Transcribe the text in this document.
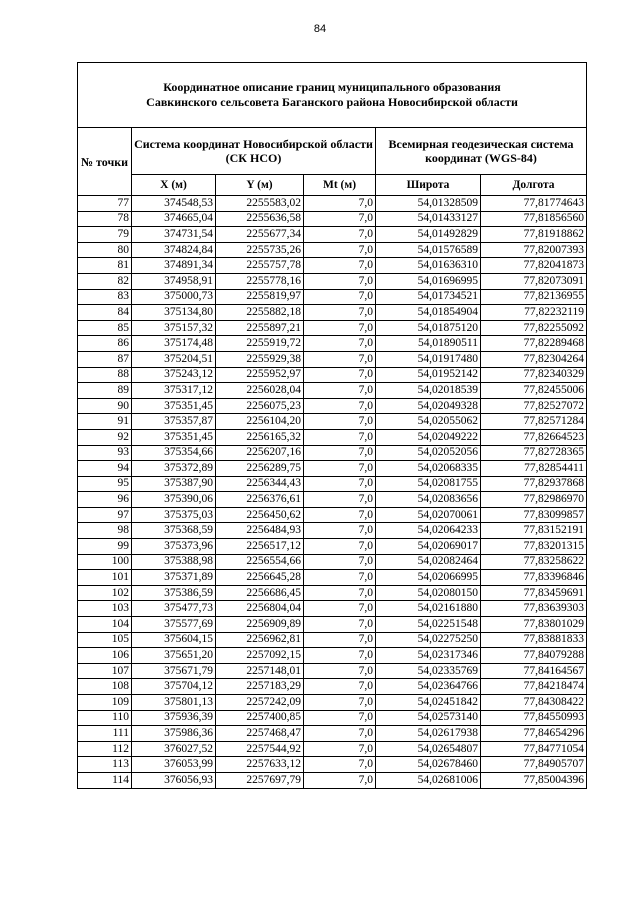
84
Координатное описание границ муниципального образования
Савкинского сельсовета Баганского района Новосибирской области					

№ точки	Система координат Новосибирской области (СК НСО)			Всемирная геодезическая система координат (WGS-84)	
	X (м)	Y (м)	Mt (м)	Широта	Долгота
77	374548,53	2255583,02	7,0	54,01328509	77,81774643
78	374665,04	2255636,58	7,0	54,01433127	77,81856560
79	374731,54	2255677,34	7,0	54,01492829	77,81918862
80	374824,84	2255735,26	7,0	54,01576589	77,82007393
81	374891,34	2255757,78	7,0	54,01636310	77,82041873
82	374958,91	2255778,16	7,0	54,01696995	77,82073091
83	375000,73	2255819,97	7,0	54,01734521	77,82136955
84	375134,80	2255882,18	7,0	54,01854904	77,82232119
85	375157,32	2255897,21	7,0	54,01875120	77,82255092
86	375174,48	2255919,72	7,0	54,01890511	77,82289468
87	375204,51	2255929,38	7,0	54,01917480	77,82304264
88	375243,12	2255952,97	7,0	54,01952142	77,82340329
89	375317,12	2256028,04	7,0	54,02018539	77,82455006
90	375351,45	2256075,23	7,0	54,02049328	77,82527072
91	375357,87	2256104,20	7,0	54,02055062	77,82571284
92	375351,45	2256165,32	7,0	54,02049222	77,82664523
93	375354,66	2256207,16	7,0	54,02052056	77,82728365
94	375372,89	2256289,75	7,0	54,02068335	77,82854411
95	375387,90	2256344,43	7,0	54,02081755	77,82937868
96	375390,06	2256376,61	7,0	54,02083656	77,82986970
97	375375,03	2256450,62	7,0	54,02070061	77,83099857
98	375368,59	2256484,93	7,0	54,02064233	77,83152191
99	375373,96	2256517,12	7,0	54,02069017	77,83201315
100	375388,98	2256554,66	7,0	54,02082464	77,83258622
101	375371,89	2256645,28	7,0	54,02066995	77,83396846
102	375386,59	2256686,45	7,0	54,02080150	77,83459691
103	375477,73	2256804,04	7,0	54,02161880	77,83639303
104	375577,69	2256909,89	7,0	54,02251548	77,83801029
105	375604,15	2256962,81	7,0	54,02275250	77,83881833
106	375651,20	2257092,15	7,0	54,02317346	77,84079288
107	375671,79	2257148,01	7,0	54,02335769	77,84164567
108	375704,12	2257183,29	7,0	54,02364766	77,84218474
109	375801,13	2257242,09	7,0	54,02451842	77,84308422
110	375936,39	2257400,85	7,0	54,02573140	77,84550993
111	375986,36	2257468,47	7,0	54,02617938	77,84654296
112	376027,52	2257544,92	7,0	54,02654807	77,84771054
113	376053,99	2257633,12	7,0	54,02678460	77,84905707
114	376056,93	2257697,79	7,0	54,02681006	77,85004396
